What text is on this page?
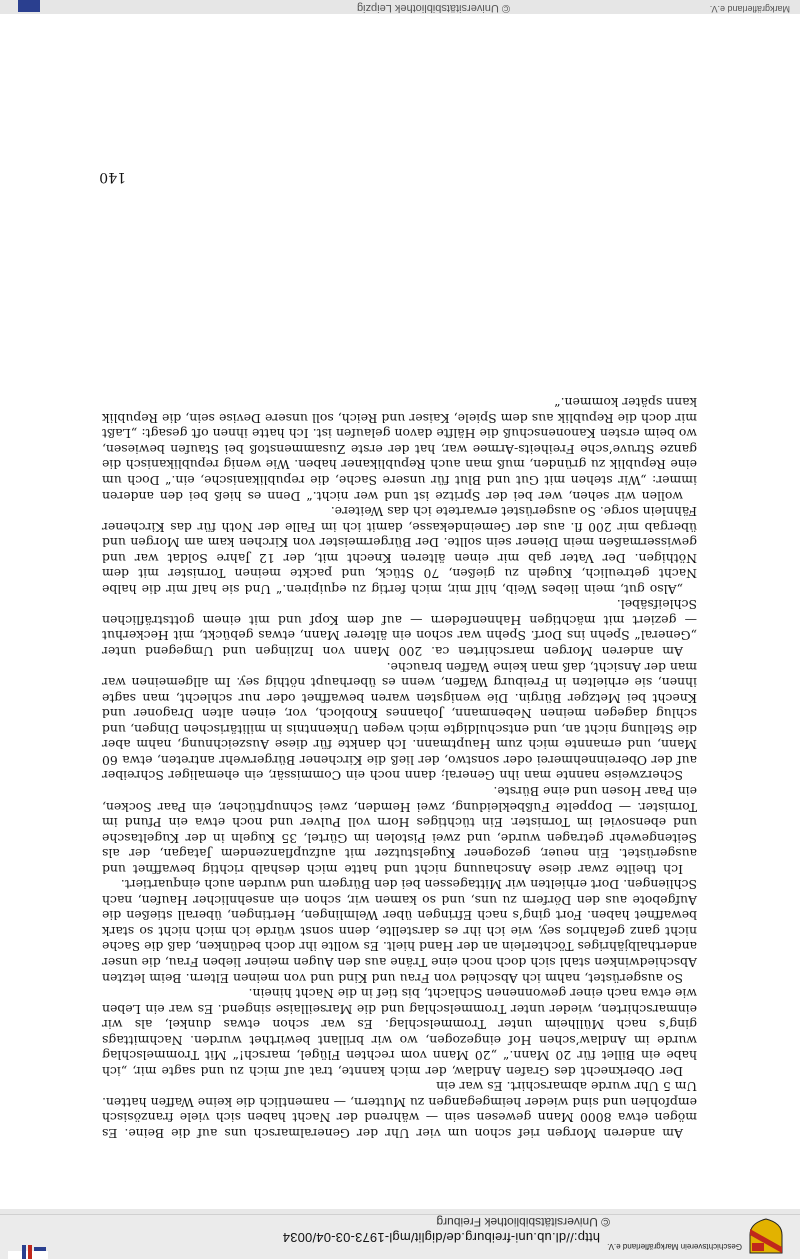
Geschichtsverein Markgräflerland e.V.
http://dl.ub.uni-freiburg.de/diglit/mgl-1973-03-04/0034
© Universitätsbibliothek Freiburg
140

Am anderen Morgen rief schon um vier Uhr der Generalmarsch uns auf die Beine. Es mögen etwa 8000 Mann gewesen sein — während der Nacht haben sich viele französisch empfohlen und sind wieder heimgegangen zu Muttern, — namentlich die keine Waffen hatten. Um 5 Uhr wurde abmarschirt. Es war ein

Der Oberknecht des Grafen Andlaw, der mich kannte, trat auf mich zu und sagte mir, „ich habe ein Billet für 20 Mann.“ „20 Mann vom rechten Flügel, marsch!“ Mit Trommelschlag wurde im Andlaw’schen Hof eingezogen, wo wir brillant bewirthet wurden. Nachmittags ging’s nach Müllheim unter Trommelschlag. Es war schon etwas dunkel, als wir einmarschirten, wieder unter Trommelschlag und die Marseillaise singend. Es war ein Leben wie etwa nach einer gewonnenen Schlacht, bis tief in die Nacht hinein.

So ausgerüstet, nahm ich Abschied von Frau und Kind und von meinen Eltern. Beim letzten Abschiedwinken stahl sich doch noch eine Träne aus den Augen meiner lieben Frau, die unser anderthalbjähriges Töchterlein an der Hand hielt. Es wollte ihr doch bedünken, daß die Sache nicht ganz gefahrlos sey, wie ich ihr es darstellte, denn sonst würde ich mich nicht so stark bewaffnet haben. Fort ging’s nach Efringen über Welmlingen, Hertingen, überall stießen die Aufgebote aus den Dörfern zu uns, und so kamen wir, schon ein ansehnlicher Haufen, nach Schliengen. Dort erhielten wir Mittagessen bei den Bürgern und wurden auch einquartiert.

Ich theilte zwar diese Anschauung nicht und hatte mich deshalb richtig bewaffnet und ausgerüstet. Ein neuer, gezogener Kugelstutzer mit aufzupflanzendem Jatagan, der als Seitengewehr getragen wurde, und zwei Pistolen im Gürtel, 35 Kugeln in der Kugeltasche und ebensoviel im Tornister. Ein tüchtiges Horn voll Pulver und noch etwa ein Pfund im Tornister. — Doppelte Fußbekleidung, zwei Hemden, zwei Schnupftücher, ein Paar Socken, ein Paar Hosen und eine Bürste.

Scherzweise nannte man ihn General; dann noch ein Commissär, ein ehemaliger Schreiber auf der Obereinnehmerei oder sonstwo, der ließ die Kirchener Bürgerwehr antreten, etwa 60 Mann, und ernannte mich zum Hauptmann. Ich dankte für diese Auszeichnung, nahm aber die Stellung nicht an, und entschuldigte mich wegen Unkenntnis in militärischen Dingen, und schlug dagegen meinen Nebenmann, Johannes Knobloch, vor, einen alten Dragoner und Knecht bei Metzger Bürgin. Die wenigsten waren bewaffnet oder nur schlecht, man sagte ihnen, sie erhielten in Freiburg Waffen, wenn es überhaupt nöthig sey. Im allgemeinen war man der Ansicht, daß man keine Waffen brauche.

Am anderen Morgen marschirten ca. 200 Mann von Inzlingen und Umgegend unter „General“ Spehn ins Dorf. Spehn war schon ein älterer Mann, etwas gebückt, mit Heckerhut — geziert mit mächtigen Hahnenfedern — auf dem Kopf und mit einem gottsträflichen Schleifsäbel.

„Also gut, mein liebes Weib, hilf mir, mich fertig zu equipiren.“ Und sie half mir die halbe Nacht getreulich, Kugeln zu gießen, 70 Stück, und packte meinen Tornister mit dem Nöthigen. Der Vater gab mir einen älteren Knecht mit, der 12 Jahre Soldat war und gewissermaßen mein Diener sein sollte. Der Bürgermeister von Kirchen kam am Morgen und übergab mir 200 fl. aus der Gemeindekasse, damit ich im Falle der Noth für das Kirchener Fähnlein sorge. So ausgerüstet erwartete ich das Weitere.

wollen wir sehen, wer bei der Spritze ist und wer nicht.“ Denn es hieß bei den anderen immer: „Wir stehen mit Gut und Blut für unsere Sache, die republikanische, ein.“ Doch um eine Republik zu gründen, muß man auch Republikaner haben. Wie wenig republikanisch die ganze Struve’sche Freiheits-Armee war, hat der erste Zusammenstoß bei Staufen bewiesen, wo beim ersten Kanonenschuß die Hälfte davon gelaufen ist. Ich hatte ihnen oft gesagt: „Laßt mir doch die Republik aus dem Spiele, Kaiser und Reich, soll unsere Devise sein, die Republik kann später kommen.“

Markgräflerland e.V.
© Universitätsbibliothek Leipzig
